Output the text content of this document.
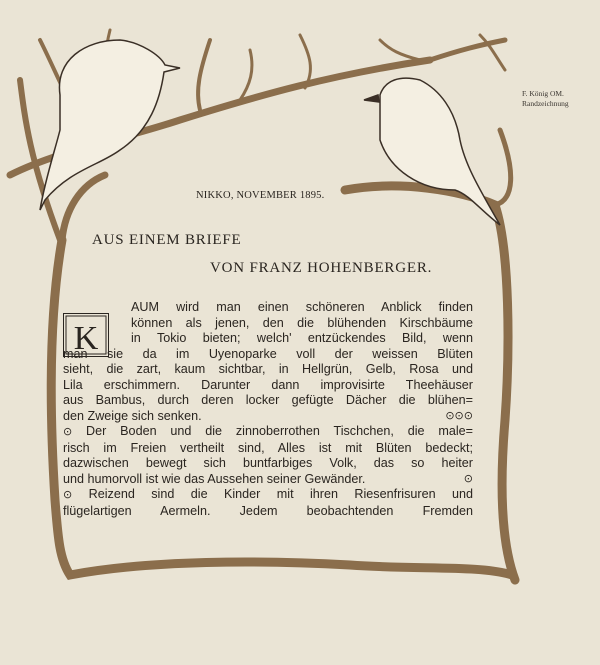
F. König OM.
Randzeichnung
NIKKO, NOVEMBER 1895.
AUS EINEM BRIEFE
VON FRANZ HOHENBERGER.
K
AUM wird man einen schöneren Anblick finden
können als jenen, den die blühenden Kirschbäume
in Tokio bieten; welch' entzückendes Bild, wenn
man sie da im Uyenoparke voll der weissen Blüten
sieht, die zart, kaum sichtbar, in Hellgrün, Gelb, Rosa und
Lila erschimmern. Darunter dann improvisirte Theehäuser
aus Bambus, durch deren locker gefügte Dächer die blühen=
den Zweige sich senken.	⊙⊙⊙
⊙ Der Boden und die zinnoberrothen Tischchen, die male=
risch im Freien vertheilt sind, Alles ist mit Blüten bedeckt;
dazwischen bewegt sich buntfarbiges Volk, das so heiter
und humorvoll ist wie das Aussehen seiner Gewänder.	⊙
⊙ Reizend sind die Kinder mit ihren Riesenfrisuren und
flügelartigen Aermeln. Jedem beobachtenden Fremden
